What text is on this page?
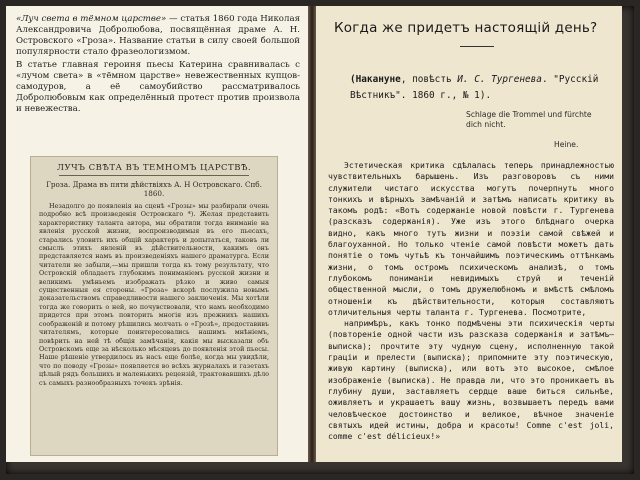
«Луч света в тёмном царстве» — статья 1860 года Николая Александровича Добролюбова, посвящённая драме А. Н. Островского «Гроза». Название статьи в силу своей большой популярности стало фразеологизмом.

В статье главная героиня пьесы Катерина сравнивалась с «лучом света» в «тёмном царстве» невежественных купцов-самодуров, а её самоубийство рассматривалось Добролюбовым как определённый протест против произвола и невежества.

ЛУЧЪ СВѢТА ВЪ ТЕМНОМЪ ЦАРСТВѢ.
Гроза. Драма въ пяти дѣйствіяхъ А. Н Островскаго. Спб. 1860.

Незадолго до появленія на сценѣ «Грозы» мы разбирали очень подробно всѣ произведенія Островскаго *). Желая представить характеристику таланта автора, мы обратили тогда вниманіе на явленія русской жизни, воспроизводимыя въ его пьесахъ, старались уловить ихъ общій характеръ и допытаться, таковъ ли смыслъ этихъ явленій въ дѣйствительности, какимъ онъ представляется намъ въ произведеніяхъ нашего драматурга. Если читатели не забыли,—мы пришли тогда къ тому результату, что Островскій обладаетъ глубокимъ пониманіемъ русской жизни и великимъ умѣньемъ изображать рѣзко и живо самыя существенныя ея стороны. «Гроза» вскорѣ послужила новымъ доказательствомъ справедливости нашего заключенія. Мы хотѣли тогда же говорить о ней, но почувствовали, что намъ необходимо придется при этомъ повторить многія изъ прежнихъ нашихъ соображеній и потому рѣшились молчать о «Грозѣ», предоставивъ читателямъ, которые поинтересовались нашимъ мнѣніемъ, повѣрить на ней тѣ общія замѣчанія, какія мы высказали объ Островскомъ еще за нѣсколько мѣсяцевъ до появленія этой пьесы. Наше рѣшеніе утвердилось въ насъ еще болѣе, когда мы увидѣли, что по поводу «Грозы» появляется во всѣхъ журналахъ и газетахъ цѣлый рядъ большихъ и маленькихъ рецензій, трактовавшихъ дѣло съ самыхъ разнообразныхъ точекъ зрѣнія.

Когда же придетъ настоящій день?
(Накануне, повѣсть И. С. Тургенева. "Русскій Вѣстникъ". 1860 г., № 1).
Schlage die Trommel und fürchte dich nicht.
Heine.

Эстетическая критика сдѣлалась теперь принадлежностью чувствительныхъ барышень. Изъ разговоровъ съ ними служители чистаго искусства могутъ почерпнуть много тонкихъ и вѣрныхъ замѣчаній и затѣмъ написать критику въ такомъ родѣ: «Вотъ содержаніе новой повѣсти г. Тургенева (разсказъ содержанія). Уже изъ этого блѣднаго очерка видно, какъ много тутъ жизни и поэзіи самой свѣжей и благоуханной. Но только чтеніе самой повѣсти можетъ дать понятіе о томъ чутьѣ къ тончайшимъ поэтическимъ оттѣнкамъ жизни, о томъ остромъ психическомъ анализѣ, о томъ глубокомъ пониманіи невидимыхъ струй и теченій общественной мысли, о томъ дружелюбномъ и вмѣстѣ смѣломъ отношеніи къ дѣйствительности, которыя составляютъ отличительныя черты таланта г. Тургенева. Посмотрите,

напримѣръ, какъ тонко подмѣчены эти психическія черты (повтореніе одной части изъ разсказа содержанія и затѣмъ—выписка); прочтите эту чудную сцену, исполненную такой граціи и прелести (выписка); припомните эту поэтическую, живую картину (выписка), или вотъ это высокое, смѣлое изображеніе (выписка). Не правда ли, что это проникаетъ въ глубину души, заставляетъ сердце ваше биться сильнѣе, оживляетъ и украшаетъ вашу жизнь, возвышаетъ передъ вами человѣческое достоинство и великое, вѣчное значеніе святыхъ идей истины, добра и красоты! Comme c'est joli, comme c'est délicieux!»
